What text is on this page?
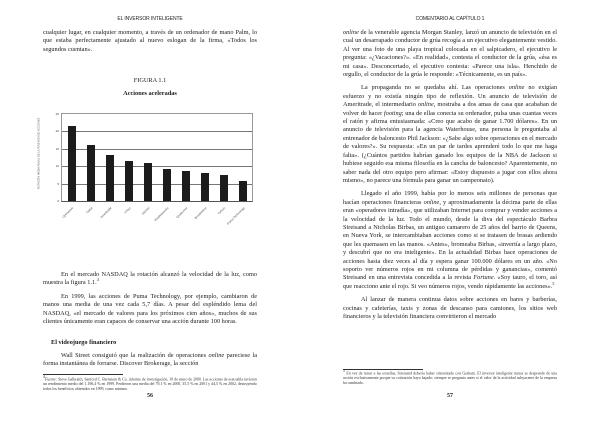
EL INVERSOR INTELIGENTE

cualquier lugar, en cualquier momento, a través de un ordenador de mano Palm, lo que estaba perfectamente ajustado al nuevo eslogan de la firma, «Todos los segundos cuentan».

FIGURA 1.1
Acciones aceleradas
ROTACIÓN MEDIA ANUAL DE LA TENENCIA DE ACCIONES
0
5
10
15
20
25
Openwave	CMGI Ameritrade	eToys	Inktomi RealNetworks Qualcomm Broadvision	Yahoo! Puma Technology

En el mercado NASDAQ la rotación alcanzó la velocidad de la luz, como muestra la figura 1.1.$^4$

En 1999, las acciones de Puma Technology, por ejemplo, cambiaron de manos una media de una vez cada 5,7 días. A pesar del espléndido lema del NASDAQ, «el mercado de valores para los próximos cien años», muchos de sus clientes únicamente eran capaces de conservar una acción durante 100 horas.

El videojuego financiero

Wall Street consiguió que la realización de operaciones online pareciese la forma instantánea de forrarse. Discover Brokerage, la sección

$^4$Fuente: Steve Galbraith, Sanford C. Bernstein & Co. informe de investigación, 10 de enero de 2000. Las acciones de esta tabla tuvieron un rendimiento medio del 1.196,4 % en 1999. Perdieron una media del 79,1 % en 2000, 35,5 % en 2001 y 44,5 % en 2002, destruyendo todos los beneficios obtenidos en 1999, como mínimo.
56
COMENTARIO AL CAPÍTULO 1

online de la venerable agencia Morgan Stanley, lanzó un anuncio de televisión en el cual un desarrapado conductor de grúa recogía a un ejecutivo elegantemente vestido. Al ver una foto de una playa tropical colocada en el salpicadero, el ejecutivo le pregunta: «¿Vacaciones?». «En realidad», contesta el conductor de la grúa, «ésa es mi casa». Desconcertado, el ejecutivo contesta: «Parece una isla». Henchido de orgullo, el conductor de la grúa le responde: «Técnicamente, es un país».

La propaganda no se quedaba ahí. Las operaciones online no exigían esfuerzo y no existía ningún tipo de reflexión. Un anuncio de televisión de Ameritrade, el intermediario online, mostraba a dos amas de casa que acababan de volver de hacer footing; una de ellas conecta su ordenador, pulsa unas cuantas veces el ratón y afirma entusiasmada: «Creo que acabo de ganar 1.700 dólares». En un anuncio de televisión para la agencia Waterhouse, una persona le preguntaba al entrenador de baloncesto Phil Jackson: «¿Sabe algo sobre operaciones en el mercado de valores?». Su respuesta: «En un par de tardes aprenderé todo lo que me haga falta». (¿Cuántos partidos habrían ganado los equipos de la NBA de Jackson si hubiese seguido esa misma filosofía en la cancha de baloncesto? Aparentemente, no saber nada del otro equipo pero afirmar: «Estoy dispuesto a jugar con ellos ahora mismo», no parece una fórmula para ganar un campeonato).

Llegado el año 1999, había por lo menos seis millones de personas que hacían operaciones financieras online, y aproximadamente la décima parte de ellas eran «operadores intradía», que utilizaban Internet para comprar y vender acciones a la velocidad de la luz. Todo el mundo, desde la diva del espectáculo Barbra Streisand a Nicholas Birbas, un antiguo camarero de 25 años del barrio de Queens, en Nueva York, se intercambiaban acciones como si se tratasen de brasas ardiendo que les quemasen en las manos. «Antes», bromeaba Birbas, «invertía a largo plazo, y descubrí que no era inteligente». En la actualidad Birbas hace operaciones de acciones hasta diez veces al día y espera ganar 100.000 dólares en un año. «No soporto ver números rojos en mi columna de pérdidas y ganancias», comentó Streisand en una entrevista concedida a la revista Fortune. «Soy tauro, el toro, así que reacciono ante el rojo. Si veo números rojos, vendo rápidamente las acciones».$^5$

Al lanzar de manera continua datos sobre acciones en bares y barberías, cocinas y cafeterías, taxis y zonas de descanso para camiones, los sitios web financieros y la televisión financiera convirtieron el mercado

$^5$ En vez de mirar a las estrellas, Streisand debería haber sintonizado con Graham. El inversor inteligente nunca se desprende de una acción exclusivamente porque su cotización haya bajado; siempre se pregunta antes si el valor de la actividad subyacente de la empresa ha cambiado.
57
